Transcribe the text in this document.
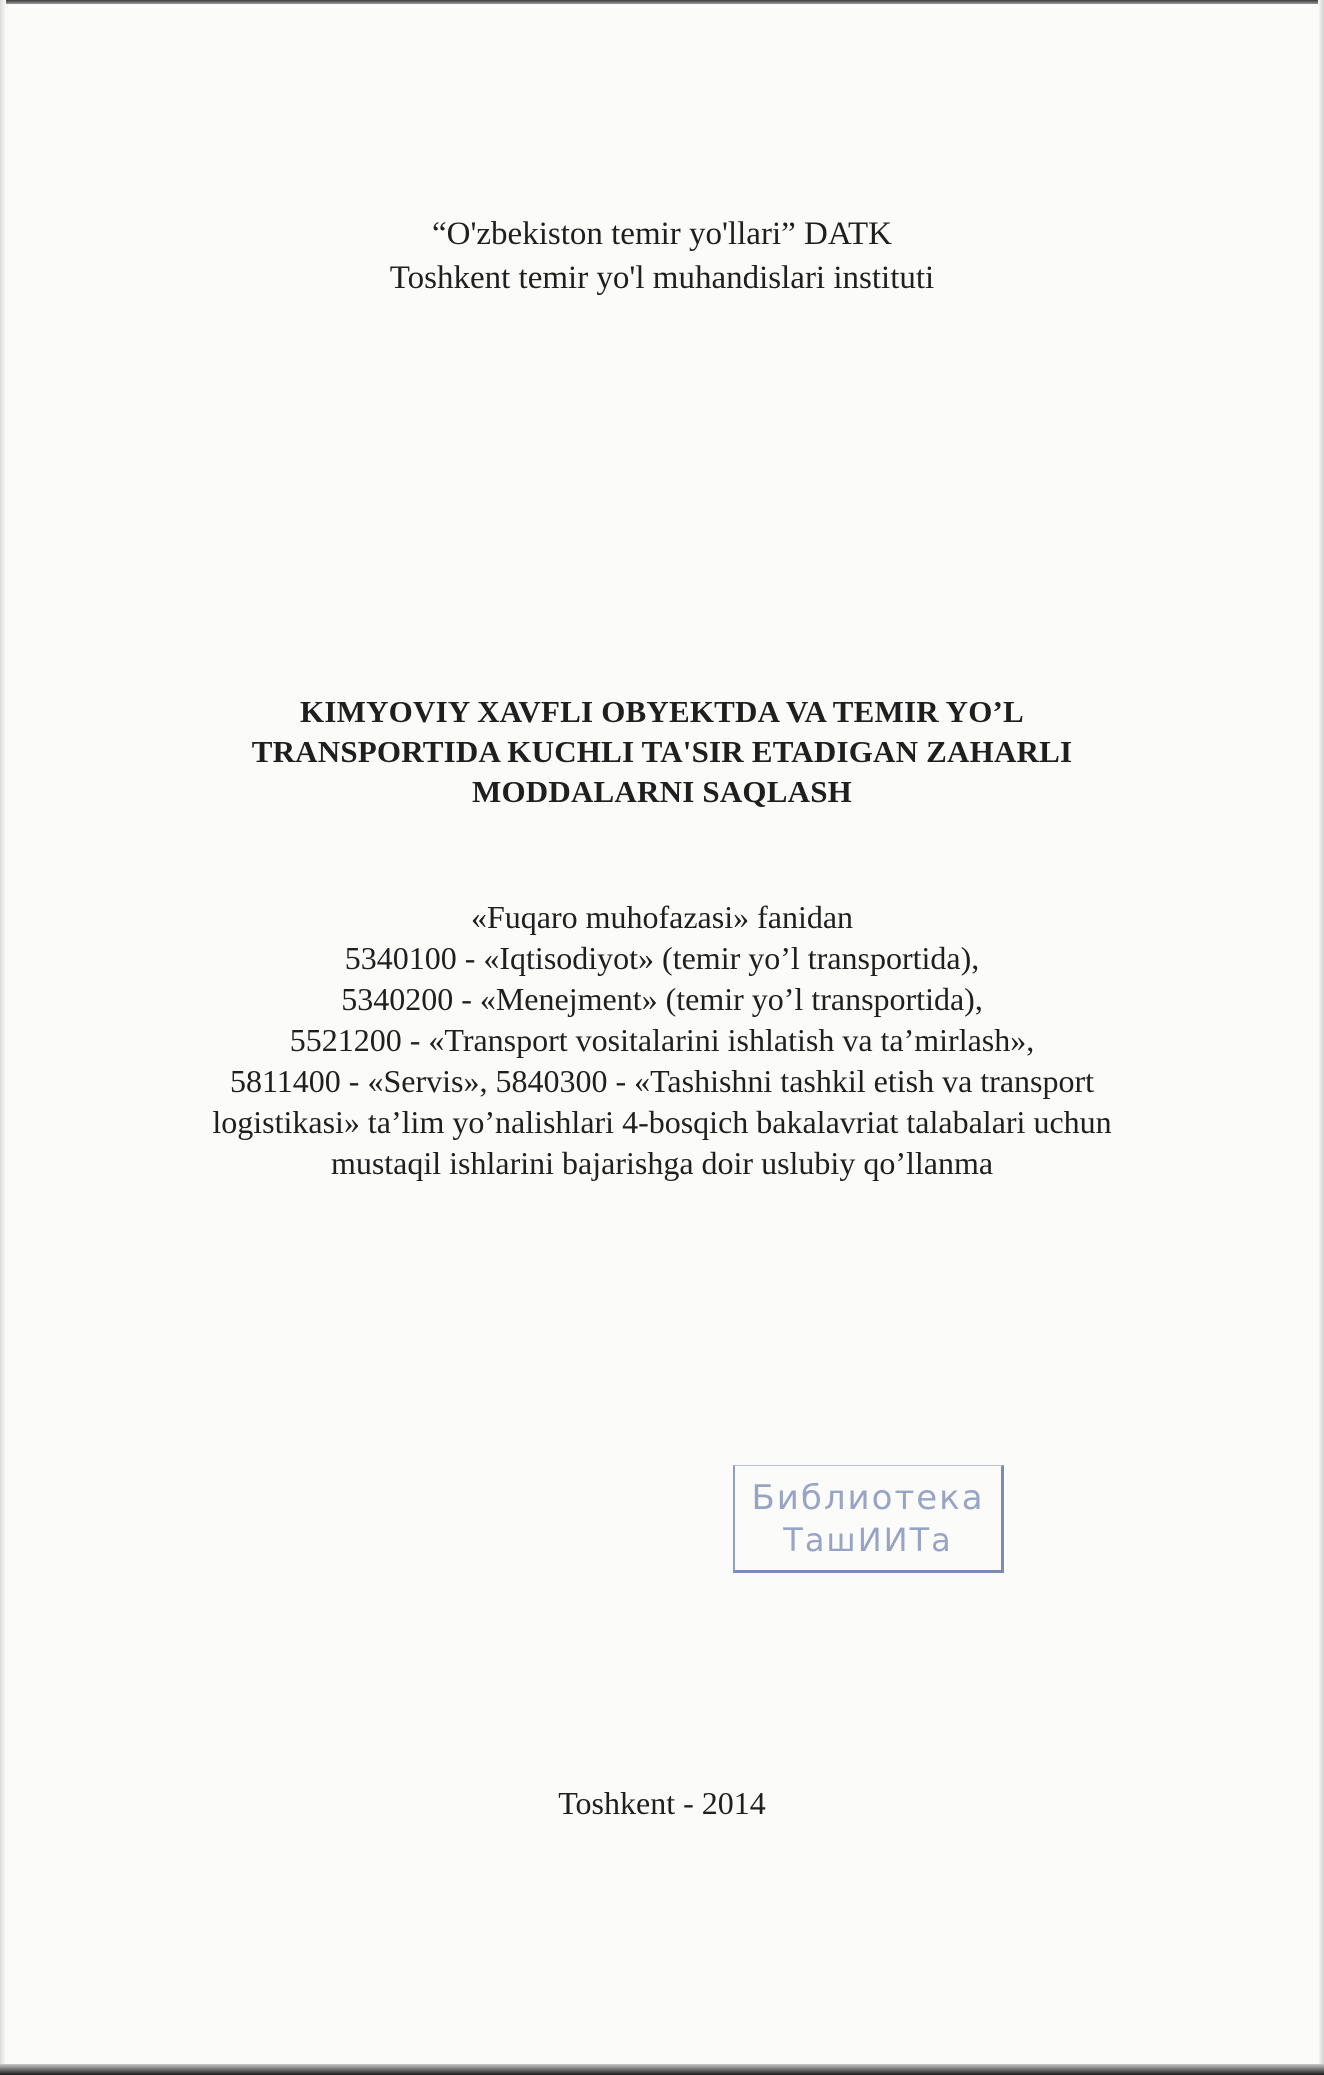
“O'zbekiston temir yo'llari” DATK
Toshkent temir yo'l muhandislari instituti
KIMYOVIY XAVFLI OBYEKTDA VA TEMIR YO’L
TRANSPORTIDA KUCHLI TA'SIR ETADIGAN ZAHARLI
MODDALARNI SAQLASH
«Fuqaro muhofazasi» fanidan
5340100 - «Iqtisodiyot» (temir yo’l transportida),
5340200 - «Menejment» (temir yo’l transportida),
5521200 - «Transport vositalarini ishlatish va ta’mirlash»,
5811400 - «Servis», 5840300 - «Tashishni tashkil etish va transport
logistikasi» ta’lim yo’nalishlari 4-bosqich bakalavriat talabalari uchun
mustaqil ishlarini bajarishga doir uslubiy qo’llanma
Библиотека
ТашИИТа
Toshkent - 2014
